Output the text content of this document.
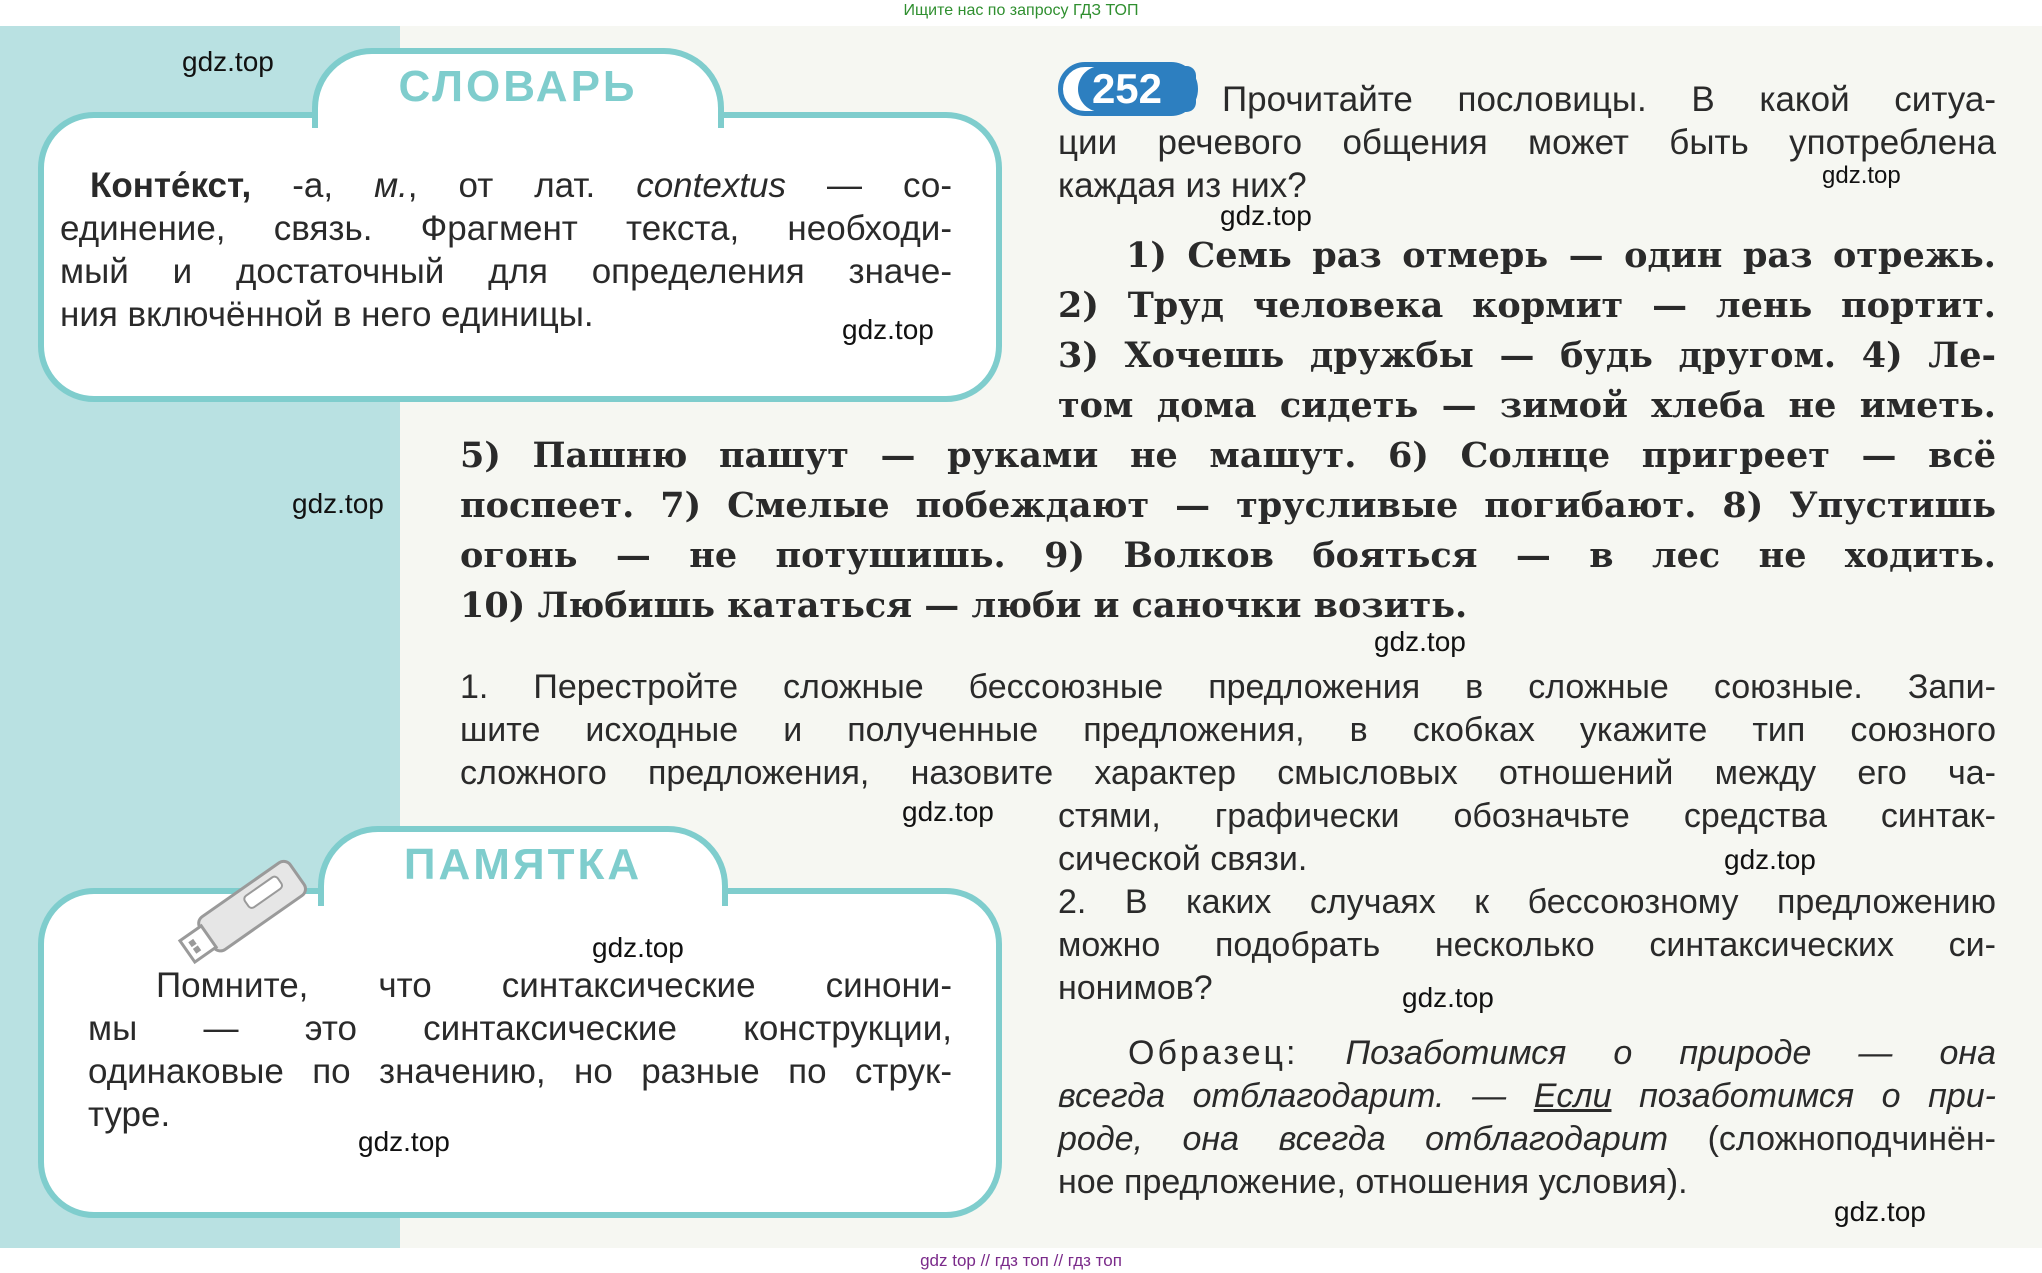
Ищите нас по запросу ГДЗ ТОП
СЛОВАРЬ
Конте́кст, -а, м., от лат. contextus — со-
единение, связь. Фрагмент текста, необходи-
мый и достаточный для определения значе-
ния включённой в него единицы.
ПАМЯТКА
Помните, что синтаксические синони-
мы — это синтаксические конструкции,
одинаковые по значению, но разные по струк-
туре.
252	Прочитайте пословицы. В какой ситуа-
ции речевого общения может быть употреблена
каждая из них?
1) Семь раз отмерь — один раз отрежь.
2) Труд человека кормит — лень портит.
3) Хочешь дружбы — будь другом. 4) Ле-
том дома сидеть — зимой хлеба не иметь.
5) Пашню пашут — руками не машут. 6) Солнце пригреет — всё
поспеет. 7) Смелые побеждают — трусливые погибают. 8) Упустишь
огонь — не потушишь. 9) Волков бояться — в лес не ходить.
10) Любишь кататься — люби и саночки возить.
1. Перестройте сложные бессоюзные предложения в сложные союзные. Запи-
шите исходные и полученные предложения, в скобках укажите тип союзного
сложного предложения, назовите характер смысловых отношений между его ча-
стями, графически обозначьте средства синтак-
сической связи.
2. В каких случаях к бессоюзному предложению
можно подобрать несколько синтаксических си-
нонимов?
Образец: Позаботимся о природе — она
всегда отблагодарит. — Если позаботимся о при-
роде, она всегда отблагодарит (сложноподчинён-
ное предложение, отношения условия).
gdz.top
gdz.top
gdz.top
gdz.top
gdz.top
gdz.top
gdz.top
gdz.top
gdz.top
gdz.top
gdz.top
gdz.top
gdz top // гдз топ // гдз топ
